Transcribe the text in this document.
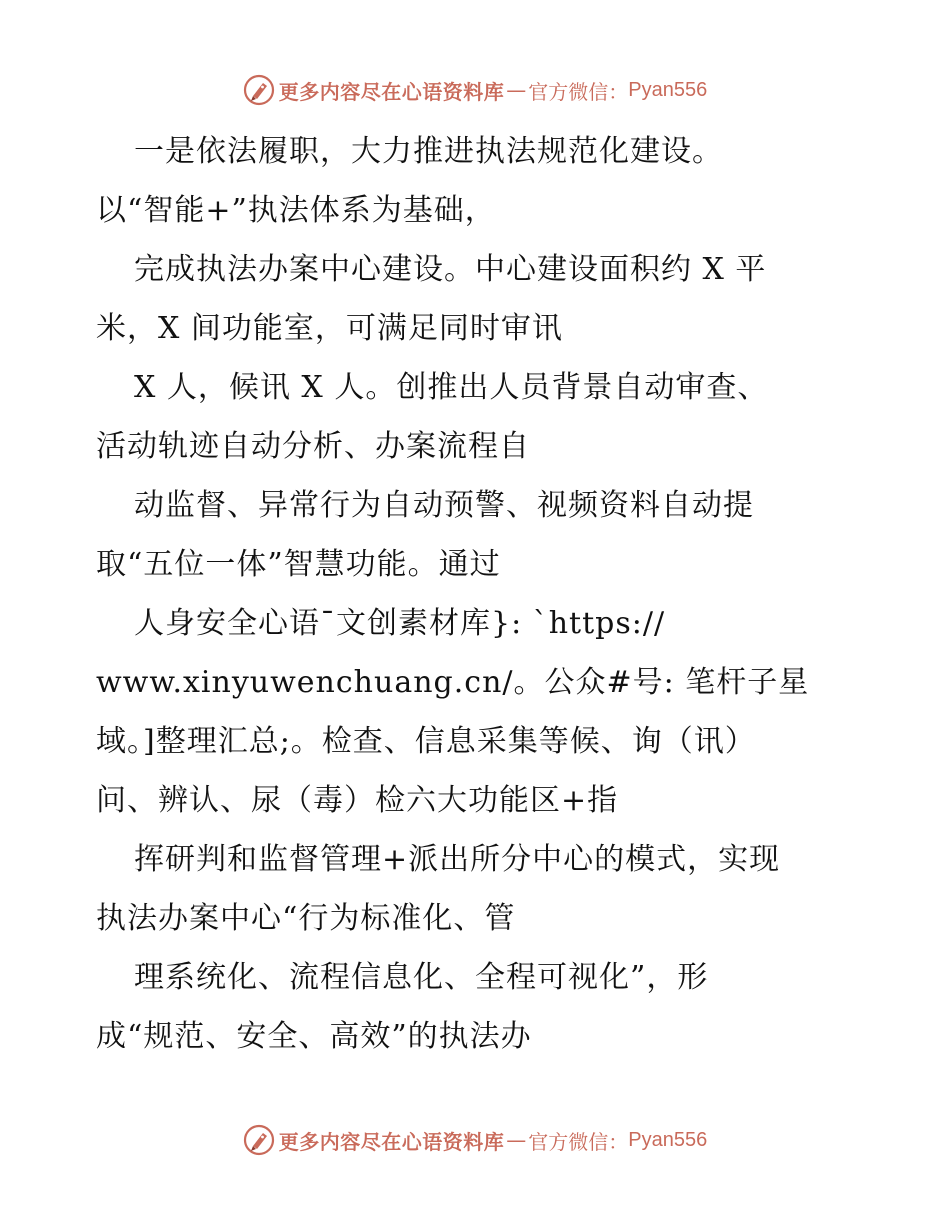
更多内容尽在心语资料库 — 官方微信： Pyan556
一是依法履职，大力推进执法规范化建设。
以“智能+”执法体系为基础，
完成执法办案中心建设。中心建设面积约 X 平
米，X 间功能室，可满足同时审讯
X 人，候讯 X 人。创推出人员背景自动审查、
活动轨迹自动分析、办案流程自
动监督、异常行为自动预警、视频资料自动提
取“五位一体”智慧功能。通过
人身安全心语¯文创素材库}: `https://
www.xinyuwenchuang.cn/。公众#号: 笔杆子星
域。]整理汇总;。检查、信息采集等候、询（讯）
问、辨认、尿（毒）检六大功能区+指
挥研判和监督管理+派出所分中心的模式，实现
执法办案中心“行为标准化、管
理系统化、流程信息化、全程可视化”，形
成“规范、安全、高效”的执法办
更多内容尽在心语资料库 — 官方微信： Pyan556
